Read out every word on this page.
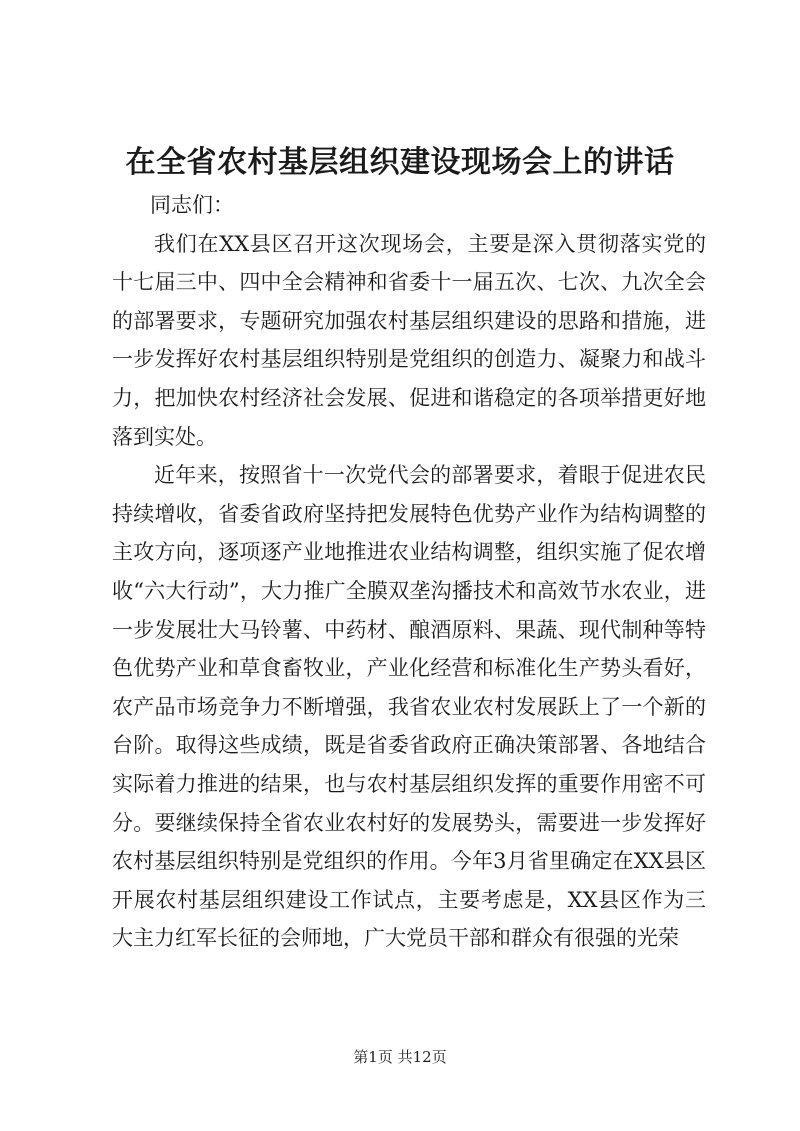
在全省农村基层组织建设现场会上的讲话

同志们：

我们在XX县区召开这次现场会，主要是深入贯彻落实党的十七届三中、四中全会精神和省委十一届五次、七次、九次全会的部署要求，专题研究加强农村基层组织建设的思路和措施，进一步发挥好农村基层组织特别是党组织的创造力、凝聚力和战斗力，把加快农村经济社会发展、促进和谐稳定的各项举措更好地落到实处。

近年来，按照省十一次党代会的部署要求，着眼于促进农民持续增收，省委省政府坚持把发展特色优势产业作为结构调整的主攻方向，逐项逐产业地推进农业结构调整，组织实施了促农增收“六大行动”，大力推广全膜双垄沟播技术和高效节水农业，进一步发展壮大马铃薯、中药材、酿酒原料、果蔬、现代制种等特色优势产业和草食畜牧业，产业化经营和标准化生产势头看好，农产品市场竞争力不断增强，我省农业农村发展跃上了一个新的台阶。取得这些成绩，既是省委省政府正确决策部署、各地结合实际着力推进的结果，也与农村基层组织发挥的重要作用密不可分。要继续保持全省农业农村好的发展势头，需要进一步发挥好农村基层组织特别是党组织的作用。今年3月省里确定在XX县区开展农村基层组织建设工作试点，主要考虑是，XX县区作为三大主力红军长征的会师地，广大党员干部和群众有很强的光荣

第1页 共12页
